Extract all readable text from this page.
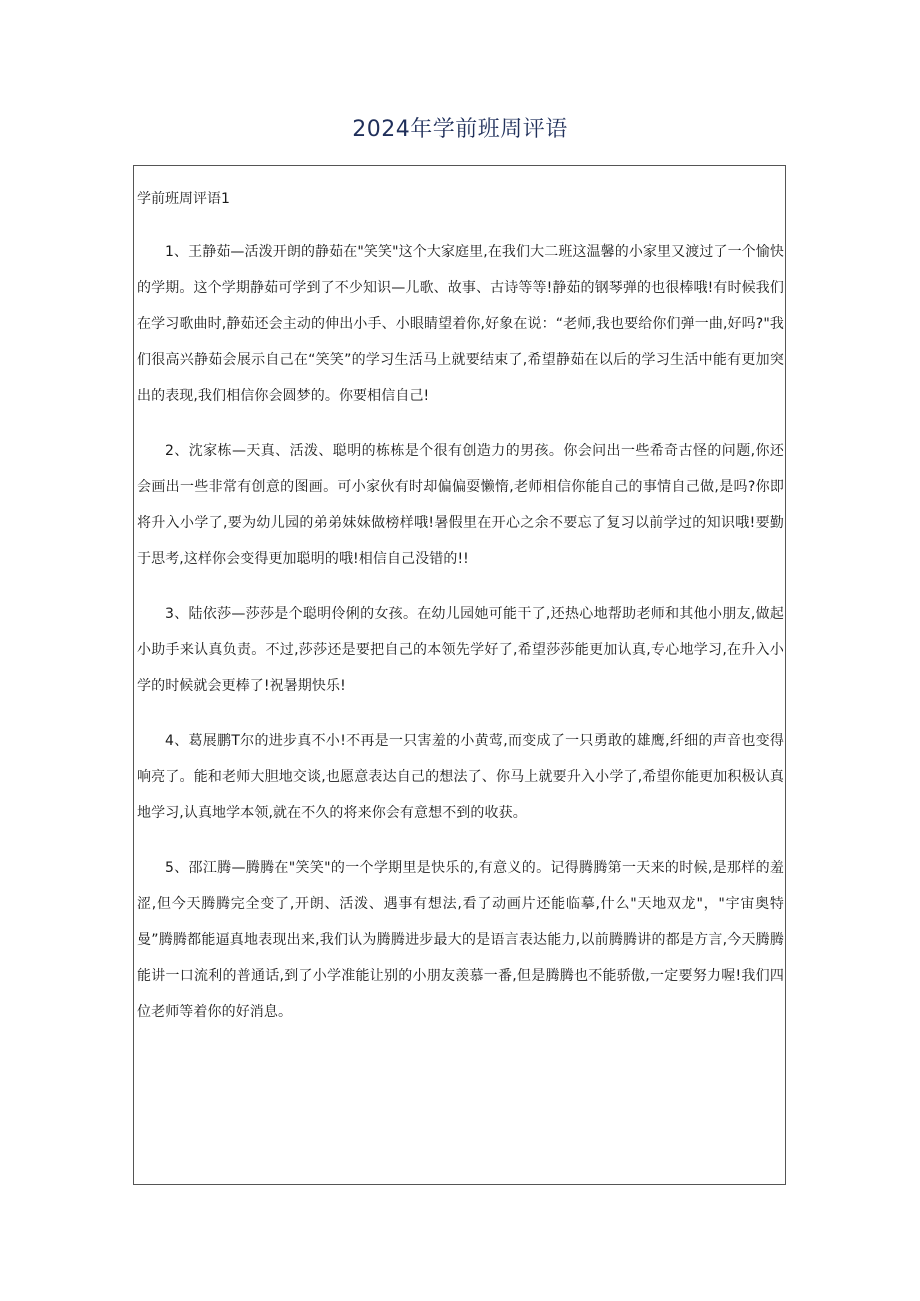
2024年学前班周评语
学前班周评语1

1、王静茹—活泼开朗的静茹在"笑笑"这个大家庭里,在我们大二班这温馨的小家里又渡过了一个愉快的学期。这个学期静茹可学到了不少知识—儿歌、故事、古诗等等!静茹的钢琴弹的也很棒哦!有时候我们在学习歌曲时,静茹还会主动的伸出小手、小眼睛望着你,好象在说：“老师,我也要给你们弹一曲,好吗?"我们很高兴静茹会展示自己在“笑笑”的学习生活马上就要结束了,希望静茹在以后的学习生活中能有更加突出的表现,我们相信你会圆梦的。你要相信自己!

2、沈家栋—天真、活泼、聪明的栋栋是个很有创造力的男孩。你会问出一些希奇古怪的问题,你还会画出一些非常有创意的图画。可小家伙有时却偏偏耍懒惰,老师相信你能自己的事情自己做,是吗?你即将升入小学了,要为幼儿园的弟弟妹妹做榜样哦!暑假里在开心之余不要忘了复习以前学过的知识哦!要勤于思考,这样你会变得更加聪明的哦!相信自己没错的!!

3、陆依莎—莎莎是个聪明伶俐的女孩。在幼儿园她可能干了,还热心地帮助老师和其他小朋友,做起小助手来认真负责。不过,莎莎还是要把自己的本领先学好了,希望莎莎能更加认真,专心地学习,在升入小学的时候就会更棒了!祝暑期快乐!

4、葛展鹏T尔的进步真不小!不再是一只害羞的小黄莺,而变成了一只勇敢的雄鹰,纤细的声音也变得响亮了。能和老师大胆地交谈,也愿意表达自己的想法了、你马上就要升入小学了,希望你能更加积极认真地学习,认真地学本领,就在不久的将来你会有意想不到的收获。

5、邵江腾—腾腾在"笑笑"的一个学期里是快乐的,有意义的。记得腾腾第一天来的时候,是那样的羞涩,但今天腾腾完全变了,开朗、活泼、遇事有想法,看了动画片还能临摹,什么"天地双龙"，"宇宙奥特曼”腾腾都能逼真地表现出来,我们认为腾腾进步最大的是语言表达能力,以前腾腾讲的都是方言,今天腾腾能讲一口流利的普通话,到了小学准能让别的小朋友羡慕一番,但是腾腾也不能骄傲,一定要努力喔!我们四位老师等着你的好消息。
